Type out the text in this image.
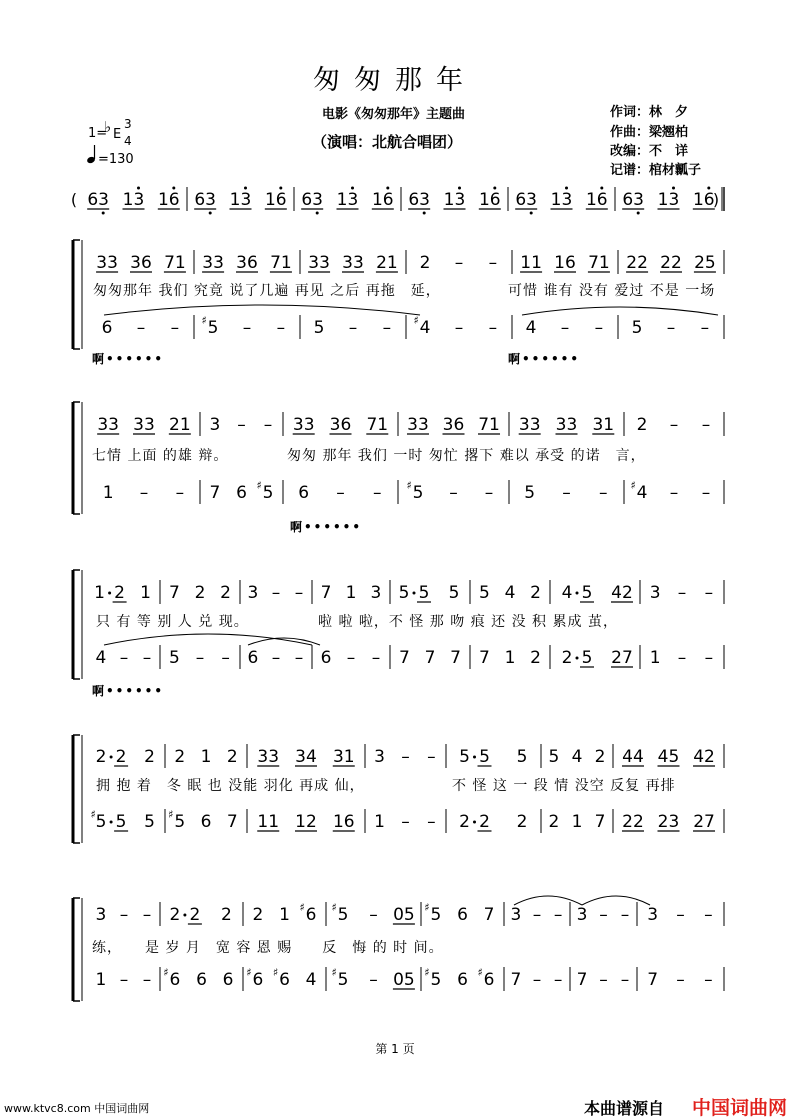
匆匆那年
电影《匆匆那年》主题曲
（演唱：北航合唱团）
作词：林　夕
作曲：梁翘柏
改编：不　详
记谱：棺材瓤子
1=
♭ E
3
4
=130
(	)
63 13 16 63 13 16 63 13 16 63 13 16 63 13 16 63 13 16
33 36 71 33 36 71 33 33 21 2 – – 11 16 71 22 22 25
6 – – 5
♯ – – 5 – – 4
♯ – – 4 – – 5 – –
33 33 21 3 – – 33 36 71 33 36 71 33 33 31 2 – –
1 – – 7 6 5
♯ 6 – – 5
♯ – – 5 – – 4
♯ – –
1 2 1 7 2 2 3 – – 7 1 3 5 5 5 5 4 2 4 5 42 3 – –
4 – – 5 – – 6 – – 6 – – 7 7 7 7 1 2 2 5 27 1 – –
2 2 2 2 1 2 33 34 31 3 – – 5 5 5 5 4 2 44 45 42
5 5
♯	5 5
♯ 6 7 11 12 16 1 – – 2 2 2 2 1 7 22 23 27
3 – – 2 2 2 2 1 6
♯ 5
♯ – 05 5
♯ 6 7 3 – – 3 – – 3 – –
1 – – 6
♯ 6 6 6
♯ 6
♯ 4 5
♯ – 05 5
♯ 6 6
♯ 7 – – 7 – – 7 – –
匆匆那年 我们 究竟 说了几遍 再见 之后 再拖　延，	可惜 谁有 没有 爱过 不是 一场
啊••••••	啊••••••
七情 上面 的雄 辩。	匆匆 那年 我们 一时 匆忙 撂下 难以 承受 的诺　言，
啊••••••
只 有 等 别 人 兑 现。	啦 啦 啦，不 怪 那 吻 痕 还 没 积 累成 茧，
啊••••••
拥 抱 着　冬 眠 也 没能 羽化 再成 仙，	不 怪 这 一 段 情 没空 反复 再排
练，　　是 岁 月　宽 容 恩 赐　　反　悔 的 时 间。
第 1 页
www.ktvc8.com 中国词曲网	本曲谱源自 中国词曲网
